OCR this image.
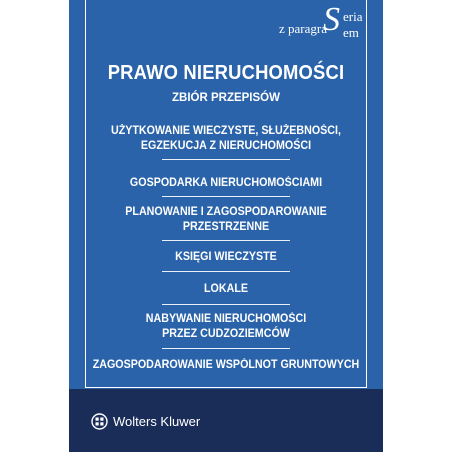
z paragra
S eria
em
PRAWO NIERUCHOMOŚCI
ZBIÓR PRZEPISÓW
UŻYTKOWANIE WIECZYSTE, SŁUŻEBNOŚCI,
EGZEKUCJA Z NIERUCHOMOŚCI
GOSPODARKA NIERUCHOMOŚCIAMI
PLANOWANIE I ZAGOSPODAROWANIE
PRZESTRZENNE
KSIĘGI WIECZYSTE
LOKALE
NABYWANIE NIERUCHOMOŚCI
PRZEZ CUDZOZIEMCÓW
ZAGOSPODAROWANIE WSPÓLNOT GRUNTOWYCH
Wolters Kluwer
